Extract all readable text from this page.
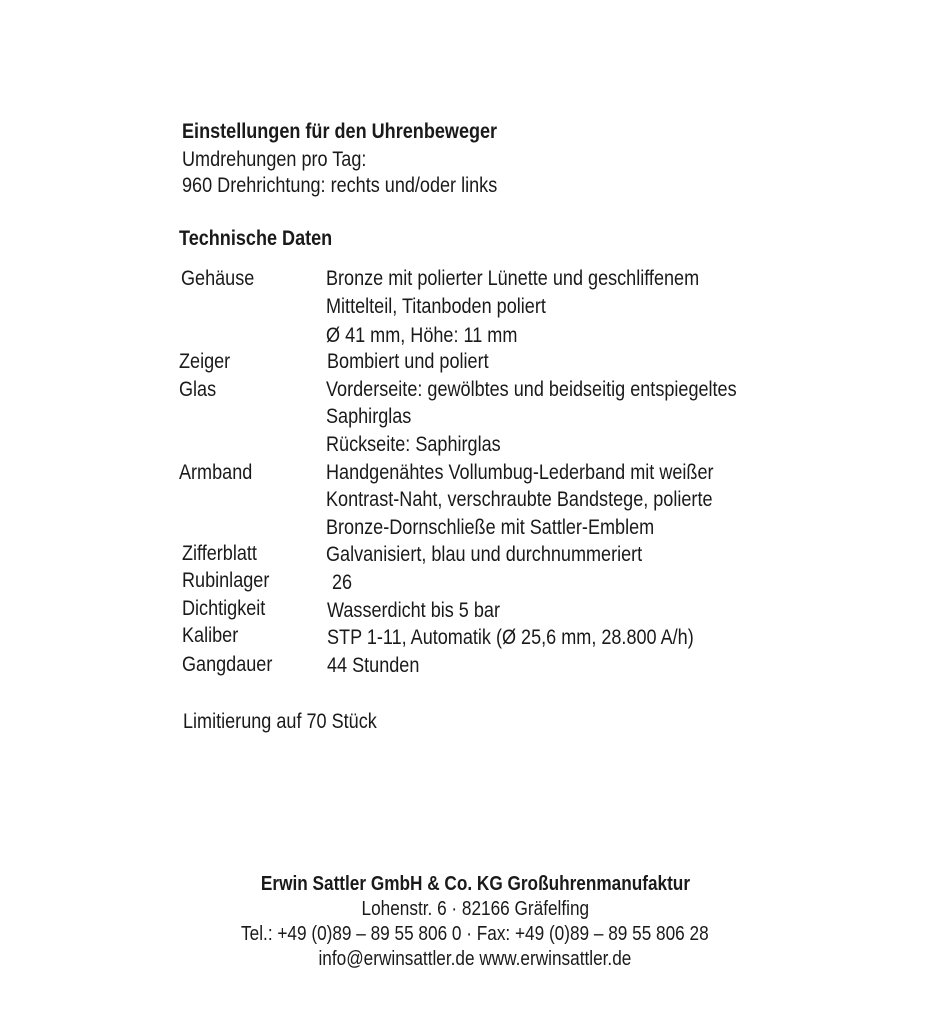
Einstellungen für den Uhrenbeweger
Umdrehungen pro Tag:
960 Drehrichtung: rechts und/oder links
Technische Daten
Gehäuse	Bronze mit polierter Lünette und geschliffenem
Mittelteil, Titanboden poliert
Ø 41 mm, Höhe: 11 mm
Zeiger	Bombiert und poliert
Glas	Vorderseite: gewölbtes und beidseitig entspiegeltes
Saphirglas
Rückseite: Saphirglas
Armband	Handgenähtes Vollumbug-Lederband mit weißer
Kontrast-Naht, verschraubte Bandstege, polierte
Bronze-Dornschließe mit Sattler-Emblem
Zifferblatt	Galvanisiert, blau und durchnummeriert
Rubinlager	26
Dichtigkeit	Wasserdicht bis 5 bar
Kaliber	STP 1-11, Automatik (Ø 25,6 mm, 28.800 A/h)
Gangdauer	44 Stunden
Limitierung auf 70 Stück
Erwin Sattler GmbH & Co. KG Großuhrenmanufaktur
Lohenstr. 6 · 82166 Gräfelfing
Tel.: +49 (0)89 – 89 55 806 0 · Fax: +49 (0)89 – 89 55 806 28
info@erwinsattler.de www.erwinsattler.de
